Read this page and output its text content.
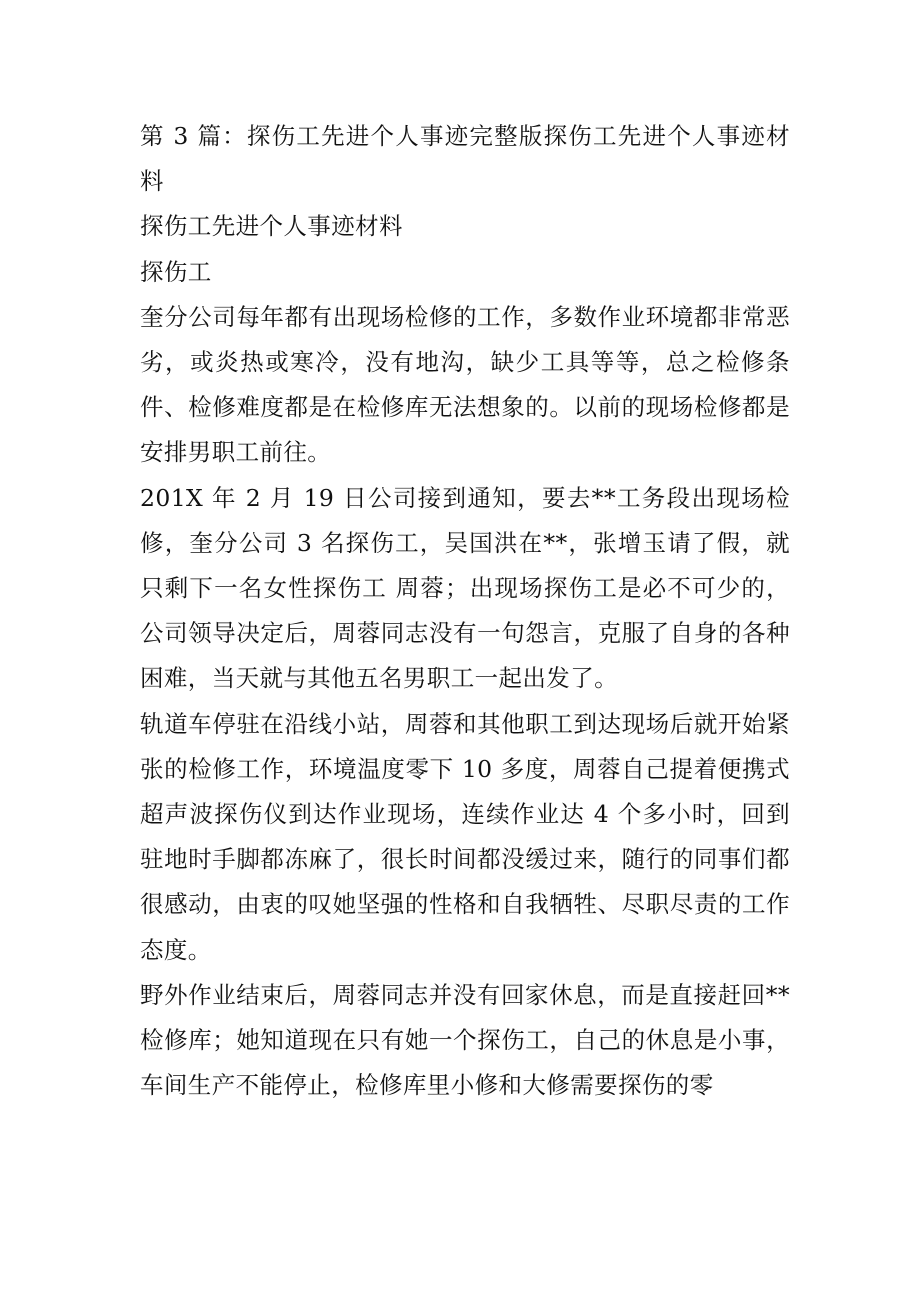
第 3 篇：探伤工先进个人事迹完整版探伤工先进个人事迹材料

探伤工先进个人事迹材料

探伤工

奎分公司每年都有出现场检修的工作，多数作业环境都非常恶劣，或炎热或寒冷，没有地沟，缺少工具等等，总之检修条件、检修难度都是在检修库无法想象的。以前的现场检修都是安排男职工前往。

201X 年 2 月 19 日公司接到通知，要去**工务段出现场检修，奎分公司 3 名探伤工，吴国洪在**，张增玉请了假，就只剩下一名女性探伤工 周蓉；出现场探伤工是必不可少的，公司领导决定后，周蓉同志没有一句怨言，克服了自身的各种困难，当天就与其他五名男职工一起出发了。

轨道车停驻在沿线小站，周蓉和其他职工到达现场后就开始紧张的检修工作，环境温度零下 10 多度，周蓉自己提着便携式超声波探伤仪到达作业现场，连续作业达 4 个多小时，回到驻地时手脚都冻麻了，很长时间都没缓过来，随行的同事们都很感动，由衷的叹她坚强的性格和自我牺牲、尽职尽责的工作态度。

野外作业结束后，周蓉同志并没有回家休息，而是直接赶回**检修库；她知道现在只有她一个探伤工，自己的休息是小事，车间生产不能停止，检修库里小修和大修需要探伤的零
